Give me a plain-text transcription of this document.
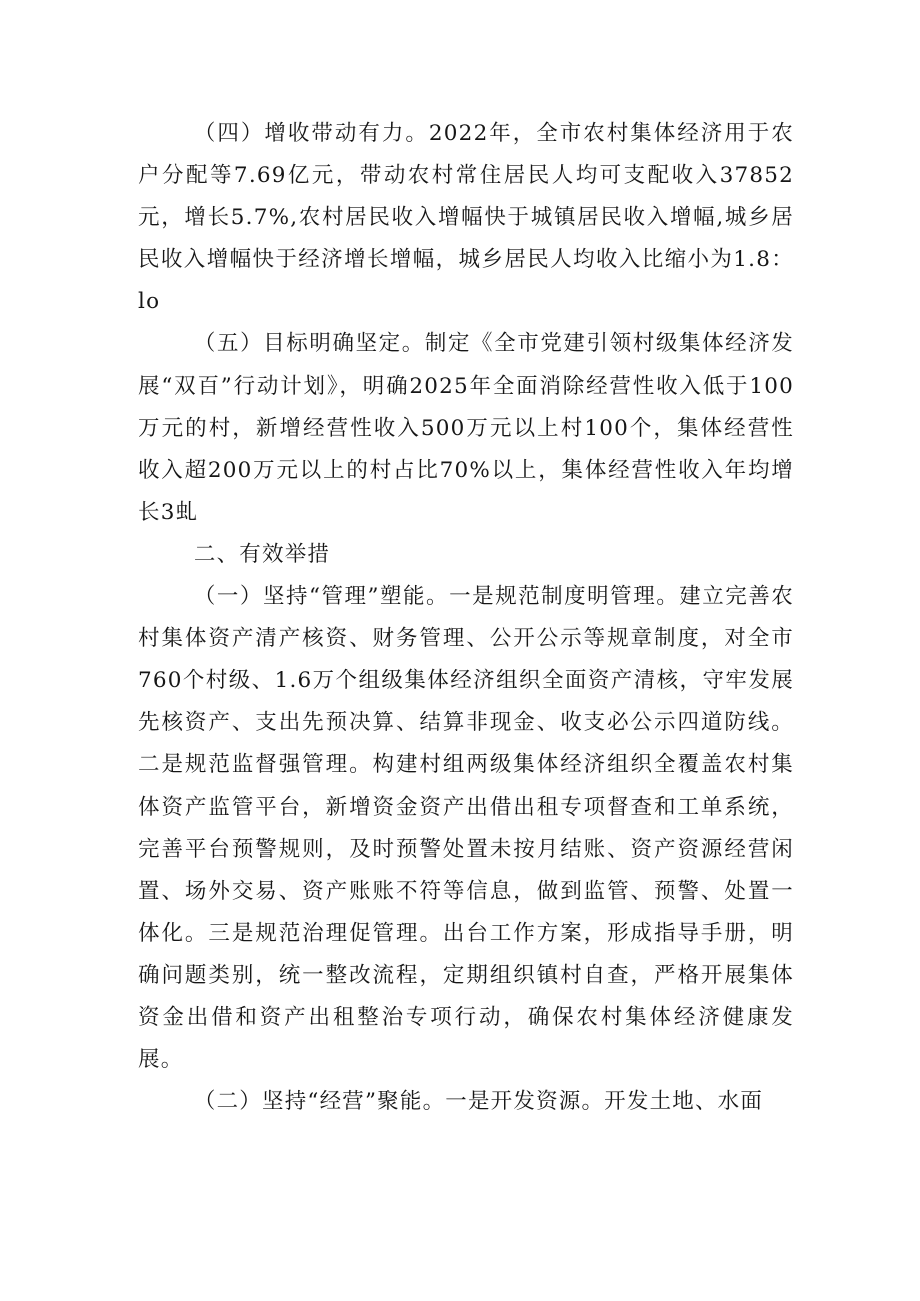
（四）增收带动有力。2022年，全市农村集体经济用于农户分配等7.69亿元，带动农村常住居民人均可支配收入37852元，增长5.7%,农村居民收入增幅快于城镇居民收入增幅,城乡居民收入增幅快于经济增长增幅，城乡居民人均收入比缩小为1.8：lo

（五）目标明确坚定。制定《全市党建引领村级集体经济发展“双百”行动计划》，明确2025年全面消除经营性收入低于100万元的村，新增经营性收入500万元以上村100个，集体经营性收入超200万元以上的村占比70%以上，集体经营性收入年均增长3虬

二、有效举措

（一）坚持“管理”塑能。一是规范制度明管理。建立完善农村集体资产清产核资、财务管理、公开公示等规章制度，对全市760个村级、1.6万个组级集体经济组织全面资产清核，守牢发展先核资产、支出先预决算、结算非现金、收支必公示四道防线。二是规范监督强管理。构建村组两级集体经济组织全覆盖农村集体资产监管平台，新增资金资产出借出租专项督查和工单系统，完善平台预警规则，及时预警处置未按月结账、资产资源经营闲置、场外交易、资产账账不符等信息，做到监管、预警、处置一体化。三是规范治理促管理。出台工作方案，形成指导手册，明确问题类别，统一整改流程，定期组织镇村自查，严格开展集体资金出借和资产出租整治专项行动，确保农村集体经济健康发展。

（二）坚持“经营”聚能。一是开发资源。开发土地、水面
